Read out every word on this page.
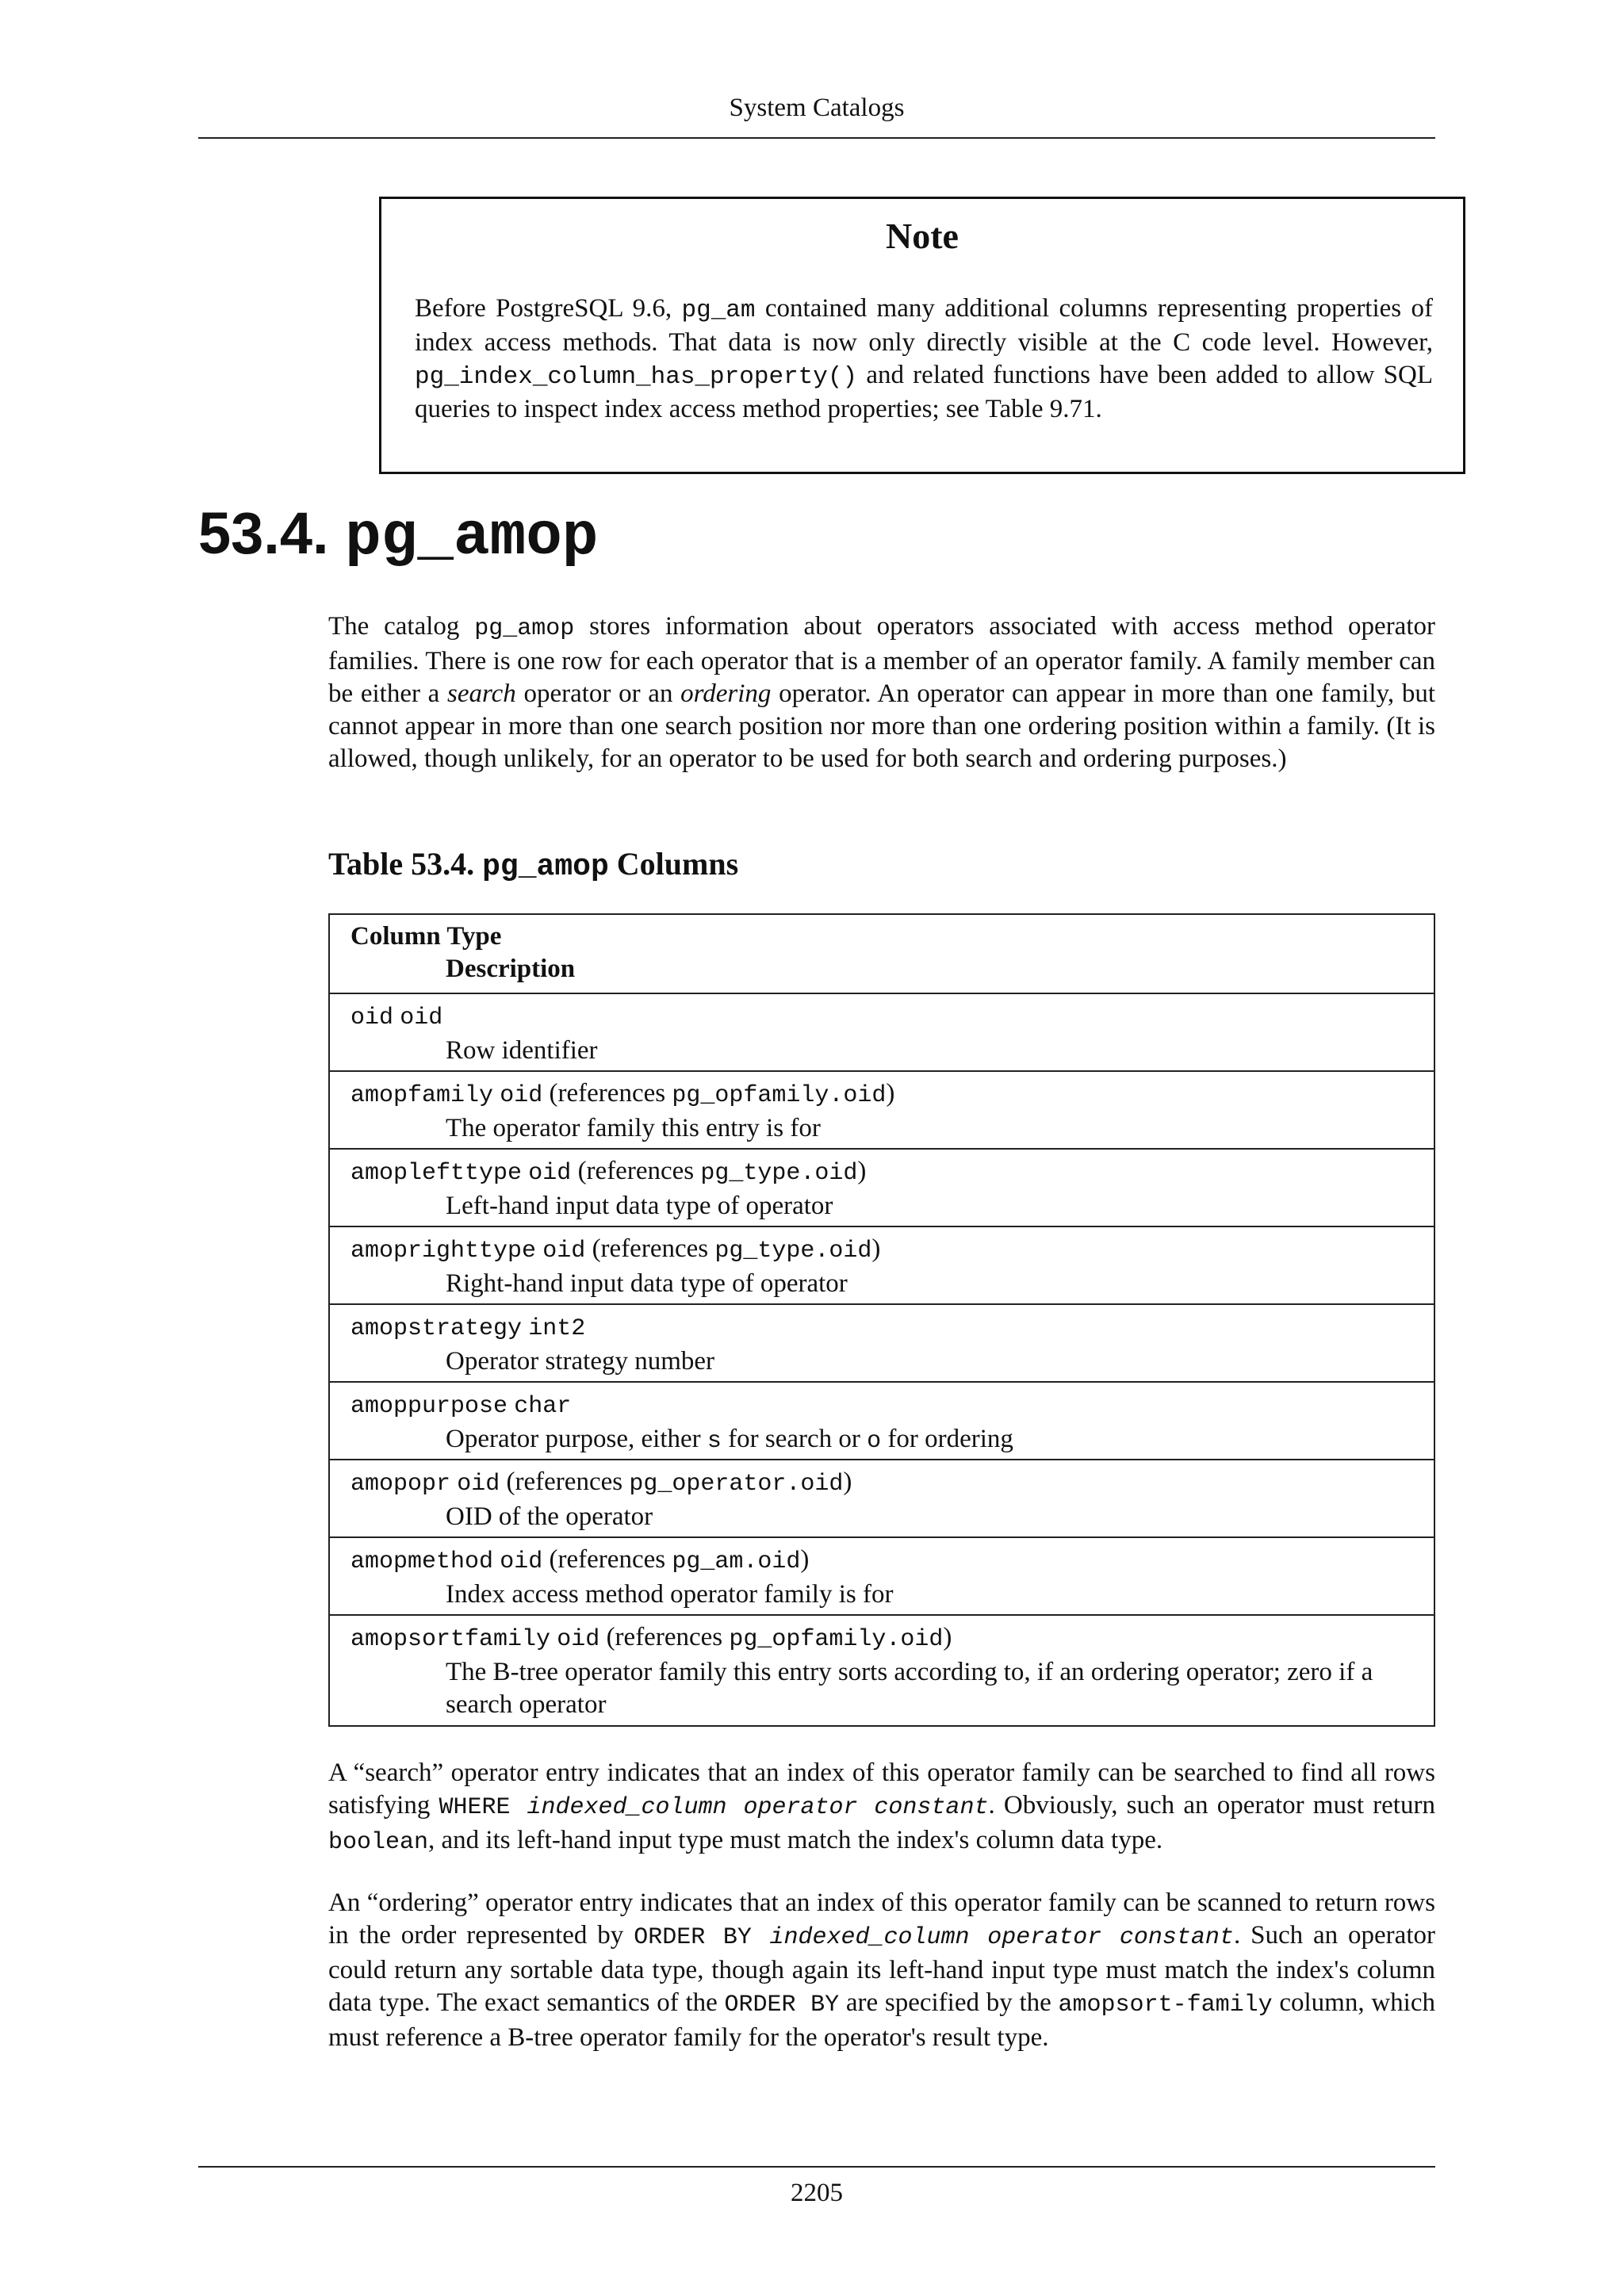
System Catalogs
Note
Before PostgreSQL 9.6, pg_am contained many additional columns representing properties of index access methods. That data is now only directly visible at the C code level. However, pg_index_column_has_property() and related functions have been added to allow SQL queries to inspect index access method properties; see Table 9.71.
53.4. pg_amop
The catalog pg_amop stores information about operators associated with access method operator families. There is one row for each operator that is a member of an operator family. A family member can be either a search operator or an ordering operator. An operator can appear in more than one family, but cannot appear in more than one search position nor more than one ordering position within a family. (It is allowed, though unlikely, for an operator to be used for both search and ordering purposes.)
Table 53.4. pg_amop Columns
Column Type
Description
oid oid
Row identifier
amopfamily oid (references pg_opfamily.oid)
The operator family this entry is for
amoplefttype oid (references pg_type.oid)
Left-hand input data type of operator
amoprighttype oid (references pg_type.oid)
Right-hand input data type of operator
amopstrategy int2
Operator strategy number
amoppurpose char
Operator purpose, either s for search or o for ordering
amopopr oid (references pg_operator.oid)
OID of the operator
amopmethod oid (references pg_am.oid)
Index access method operator family is for
amopsortfamily oid (references pg_opfamily.oid)
The B-tree operator family this entry sorts according to, if an ordering operator; zero if a search operator
A “search” operator entry indicates that an index of this operator family can be searched to find all rows satisfying WHERE indexed_column operator constant. Obviously, such an operator must return boolean, and its left-hand input type must match the index's column data type.
An “ordering” operator entry indicates that an index of this operator family can be scanned to return rows in the order represented by ORDER BY indexed_column operator constant. Such an operator could return any sortable data type, though again its left-hand input type must match the index's column data type. The exact semantics of the ORDER BY are specified by the amopsort-family column, which must reference a B-tree operator family for the operator's result type.
2205
